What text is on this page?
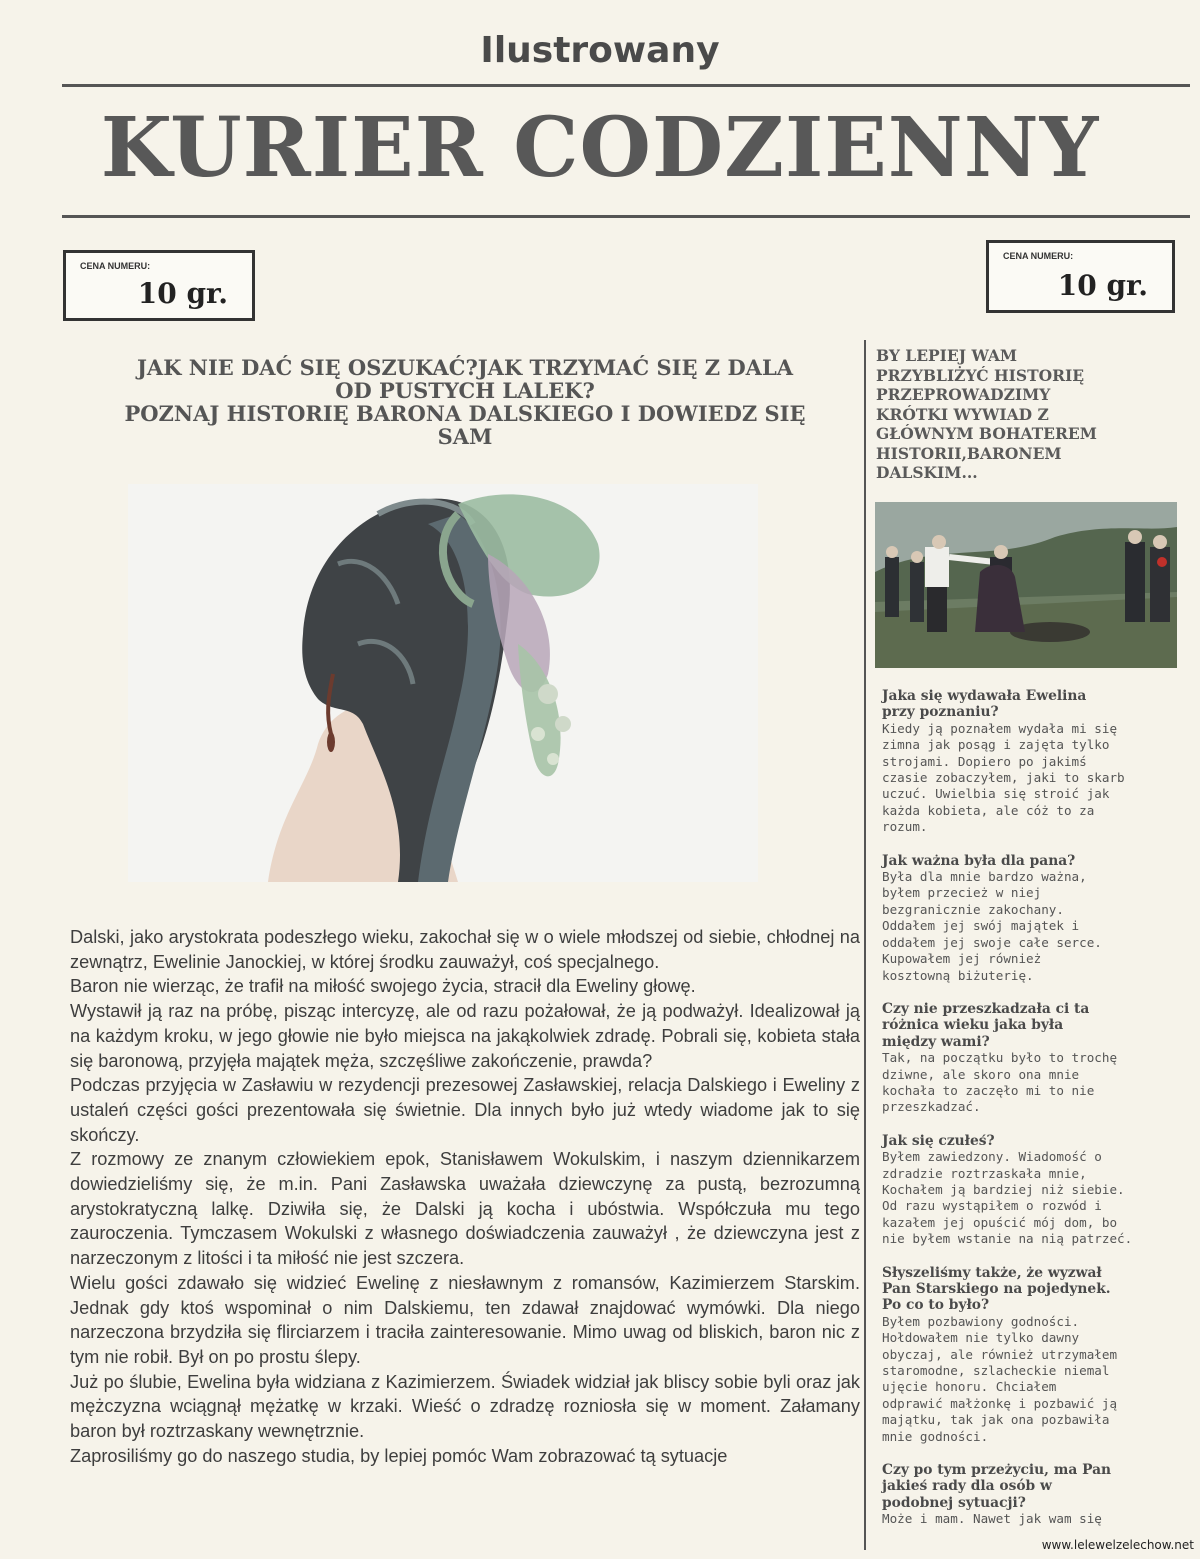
Ilustrowany
KURIER CODZIENNY
CENA NUMERU:
10 gr.
CENA NUMERU:
10 gr.
JAK NIE DAĆ SIĘ OSZUKAĆ?JAK TRZYMAĆ SIĘ Z DALA
OD PUSTYCH LALEK?
POZNAJ HISTORIĘ BARONA DALSKIEGO I DOWIEDZ SIĘ
SAM

Dalski, jako arystokrata podeszłego wieku, zakochał się w o wiele młodszej od siebie, chłodnej na zewnątrz, Ewelinie Janockiej, w której środku zauważył, coś specjalnego.

Baron nie wierząc, że trafił na miłość swojego życia, stracił dla Eweliny głowę.

Wystawił ją raz na próbę, pisząc intercyzę, ale od razu pożałował, że ją podważył. Idealizował ją na każdym kroku, w jego głowie nie było miejsca na jakąkolwiek zdradę. Pobrali się, kobieta stała się baronową, przyjęła majątek męża, szczęśliwe zakończenie, prawda?

Podczas przyjęcia w Zasławiu w rezydencji prezesowej Zasławskiej, relacja Dalskiego i Eweliny z ustaleń części gości prezentowała się świetnie. Dla innych było już wtedy wiadome jak to się skończy.

Z rozmowy ze znanym człowiekiem epok, Stanisławem Wokulskim, i naszym dziennikarzem dowiedzieliśmy się, że m.in. Pani Zasławska uważała dziewczynę za pustą, bezrozumną arystokratyczną lalkę. Dziwiła się, że Dalski ją kocha i ubóstwia. Współczuła mu tego zauroczenia. Tymczasem Wokulski z własnego doświadczenia zauważył , że dziewczyna jest z narzeczonym z litości i ta miłość nie jest szczera.

Wielu gości zdawało się widzieć Ewelinę z niesławnym z romansów, Kazimierzem Starskim. Jednak gdy ktoś wspominał o nim Dalskiemu, ten zdawał znajdować wymówki. Dla niego narzeczona brzydziła się flirciarzem i traciła zainteresowanie. Mimo uwag od bliskich, baron nic z tym nie robił. Był on po prostu ślepy.

Już po ślubie, Ewelina była widziana z Kazimierzem. Świadek widział jak bliscy sobie byli oraz jak mężczyzna wciągnął mężatkę w krzaki. Wieść o zdradzę rozniosła się w moment. Załamany baron był roztrzaskany wewnętrznie.

Zaprosiliśmy go do naszego studia, by lepiej pomóc Wam zobrazować tą sytuacje

BY LEPIEJ WAM
PRZYBLIŻYĆ HISTORIĘ
PRZEPROWADZIMY
KRÓTKI WYWIAD Z
GŁÓWNYM BOHATEREM
HISTORII,BARONEM
DALSKIM...
Jaka się wydawała Ewelina
przy poznaniu?
Kiedy ją poznałem wydała mi się
zimna jak posąg i zajęta tylko
strojami. Dopiero po jakimś
czasie zobaczyłem, jaki to skarb
uczuć. Uwielbia się stroić jak
każda kobieta, ale cóż to za
rozum.
Jak ważna była dla pana?
Była dla mnie bardzo ważna,
byłem przecież w niej
bezgranicznie zakochany.
Oddałem jej swój majątek i
oddałem jej swoje całe serce.
Kupowałem jej również
kosztowną biżuterię.
Czy nie przeszkadzała ci ta
różnica wieku jaka była
między wami?
Tak, na początku było to trochę
dziwne, ale skoro ona mnie
kochała to zaczęło mi to nie
przeszkadzać.
Jak się czułeś?
Byłem zawiedzony. Wiadomość o
zdradzie roztrzaskała mnie,
Kochałem ją bardziej niż siebie.
Od razu wystąpiłem o rozwód i
kazałem jej opuścić mój dom, bo
nie byłem wstanie na nią patrzeć.
Słyszeliśmy także, że wyzwał
Pan Starskiego na pojedynek.
Po co to było?
Byłem pozbawiony godności.
Hołdowałem nie tylko dawny
obyczaj, ale również utrzymałem
staromodne, szlacheckie niemal
ujęcie honoru. Chciałem
odprawić małżonkę i pozbawić ją
majątku, tak jak ona pozbawiła
mnie godności.
Czy po tym przeżyciu, ma Pan
jakieś rady dla osób w
podobnej sytuacji?
Może i mam. Nawet jak wam się
www.lelewelzelechow.net
